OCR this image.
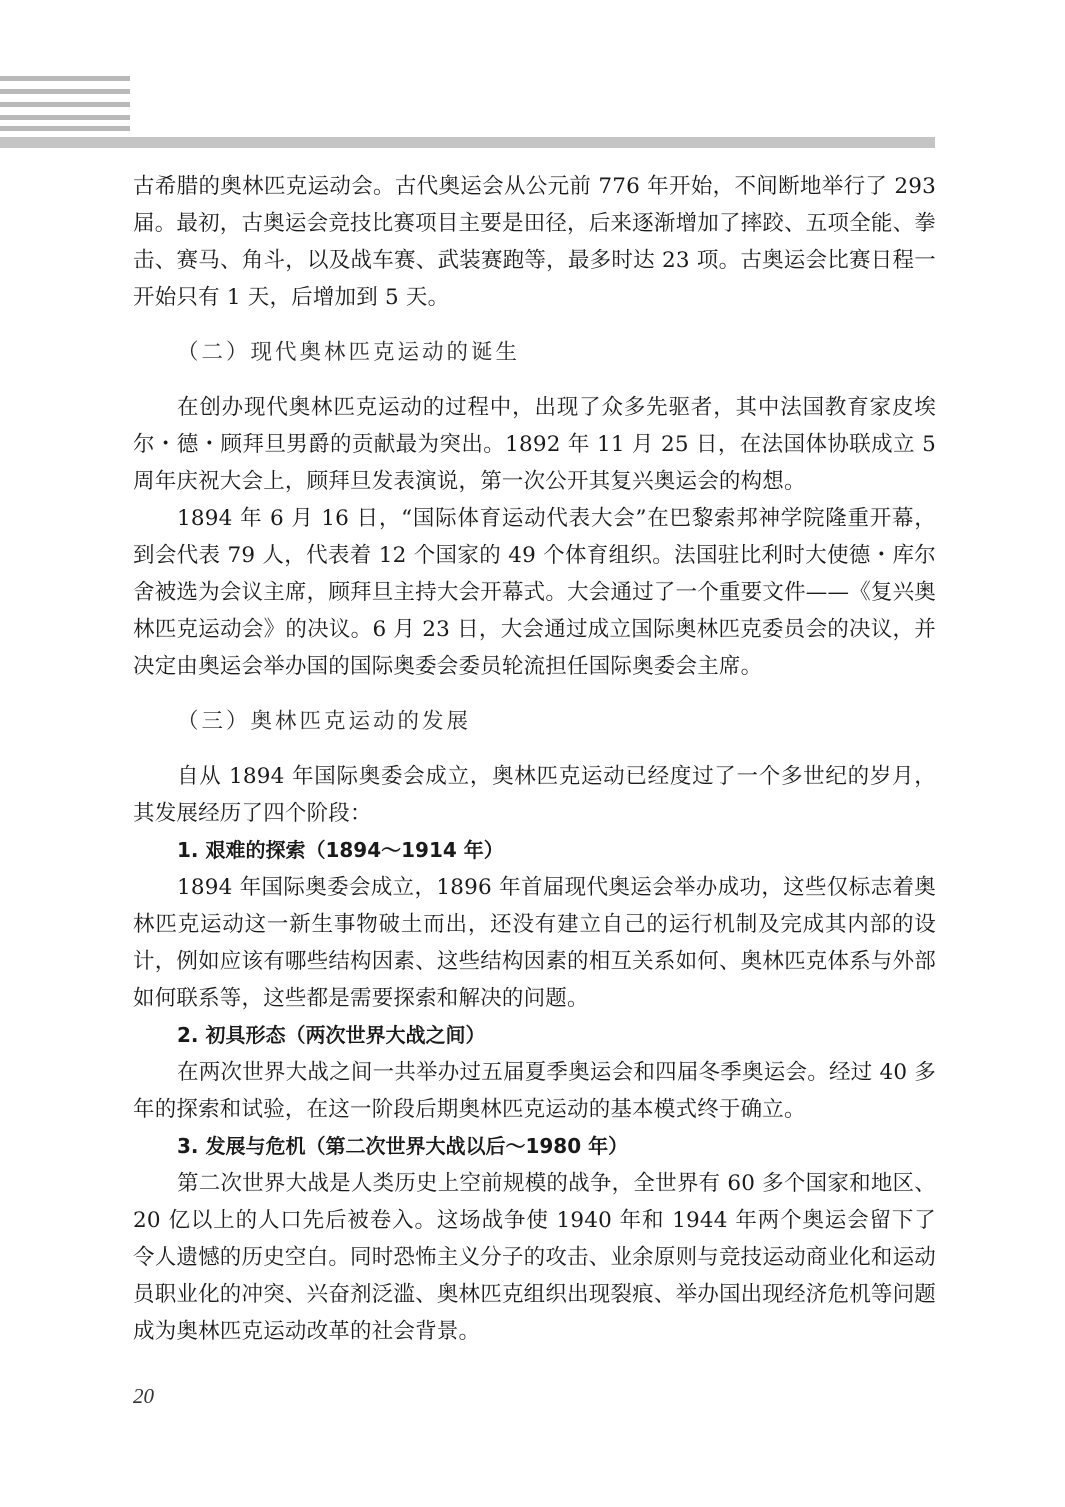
古希腊的奥林匹克运动会。古代奥运会从公元前 776 年开始，不间断地举行了 293 届。最初，古奥运会竞技比赛项目主要是田径，后来逐渐增加了摔跤、五项全能、拳击、赛马、角斗，以及战车赛、武装赛跑等，最多时达 23 项。古奥运会比赛日程一开始只有 1 天，后增加到 5 天。

（二）现代奥林匹克运动的诞生

在创办现代奥林匹克运动的过程中，出现了众多先驱者，其中法国教育家皮埃尔・德・顾拜旦男爵的贡献最为突出。1892 年 11 月 25 日，在法国体协联成立 5 周年庆祝大会上，顾拜旦发表演说，第一次公开其复兴奥运会的构想。

1894 年 6 月 16 日，“国际体育运动代表大会”在巴黎索邦神学院隆重开幕，到会代表 79 人，代表着 12 个国家的 49 个体育组织。法国驻比利时大使德・库尔舍被选为会议主席，顾拜旦主持大会开幕式。大会通过了一个重要文件——《复兴奥林匹克运动会》的决议。6 月 23 日，大会通过成立国际奥林匹克委员会的决议，并决定由奥运会举办国的国际奥委会委员轮流担任国际奥委会主席。

（三）奥林匹克运动的发展

自从 1894 年国际奥委会成立，奥林匹克运动已经度过了一个多世纪的岁月，其发展经历了四个阶段：

1. 艰难的探索（1894～1914 年）

1894 年国际奥委会成立，1896 年首届现代奥运会举办成功，这些仅标志着奥林匹克运动这一新生事物破土而出，还没有建立自己的运行机制及完成其内部的设计，例如应该有哪些结构因素、这些结构因素的相互关系如何、奥林匹克体系与外部如何联系等，这些都是需要探索和解决的问题。

2. 初具形态（两次世界大战之间）

在两次世界大战之间一共举办过五届夏季奥运会和四届冬季奥运会。经过 40 多年的探索和试验，在这一阶段后期奥林匹克运动的基本模式终于确立。

3. 发展与危机（第二次世界大战以后～1980 年）

第二次世界大战是人类历史上空前规模的战争，全世界有 60 多个国家和地区、20 亿以上的人口先后被卷入。这场战争使 1940 年和 1944 年两个奥运会留下了令人遗憾的历史空白。同时恐怖主义分子的攻击、业余原则与竞技运动商业化和运动员职业化的冲突、兴奋剂泛滥、奥林匹克组织出现裂痕、举办国出现经济危机等问题成为奥林匹克运动改革的社会背景。

20
